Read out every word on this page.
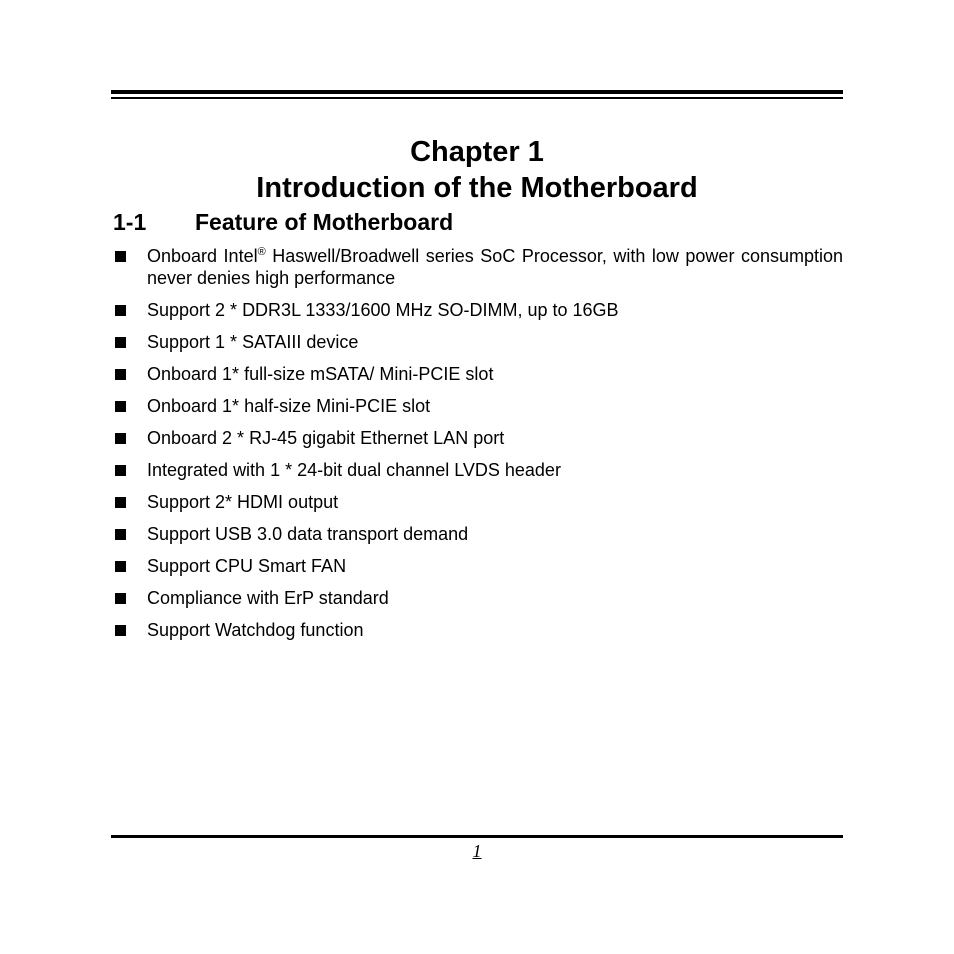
Chapter 1
Introduction of the Motherboard
1-1 Feature of Motherboard
Onboard Intel® Haswell/Broadwell series SoC Processor, with low power consumption never denies high performance
Support 2 * DDR3L 1333/1600 MHz SO-DIMM, up to 16GB
Support 1 * SATAIII device
Onboard 1* full-size mSATA/ Mini-PCIE slot
Onboard 1* half-size Mini-PCIE slot
Onboard 2 * RJ-45 gigabit Ethernet LAN port
Integrated with 1 * 24-bit dual channel LVDS header
Support 2* HDMI output
Support USB 3.0 data transport demand
Support CPU Smart FAN
Compliance with ErP standard
Support Watchdog function
1
